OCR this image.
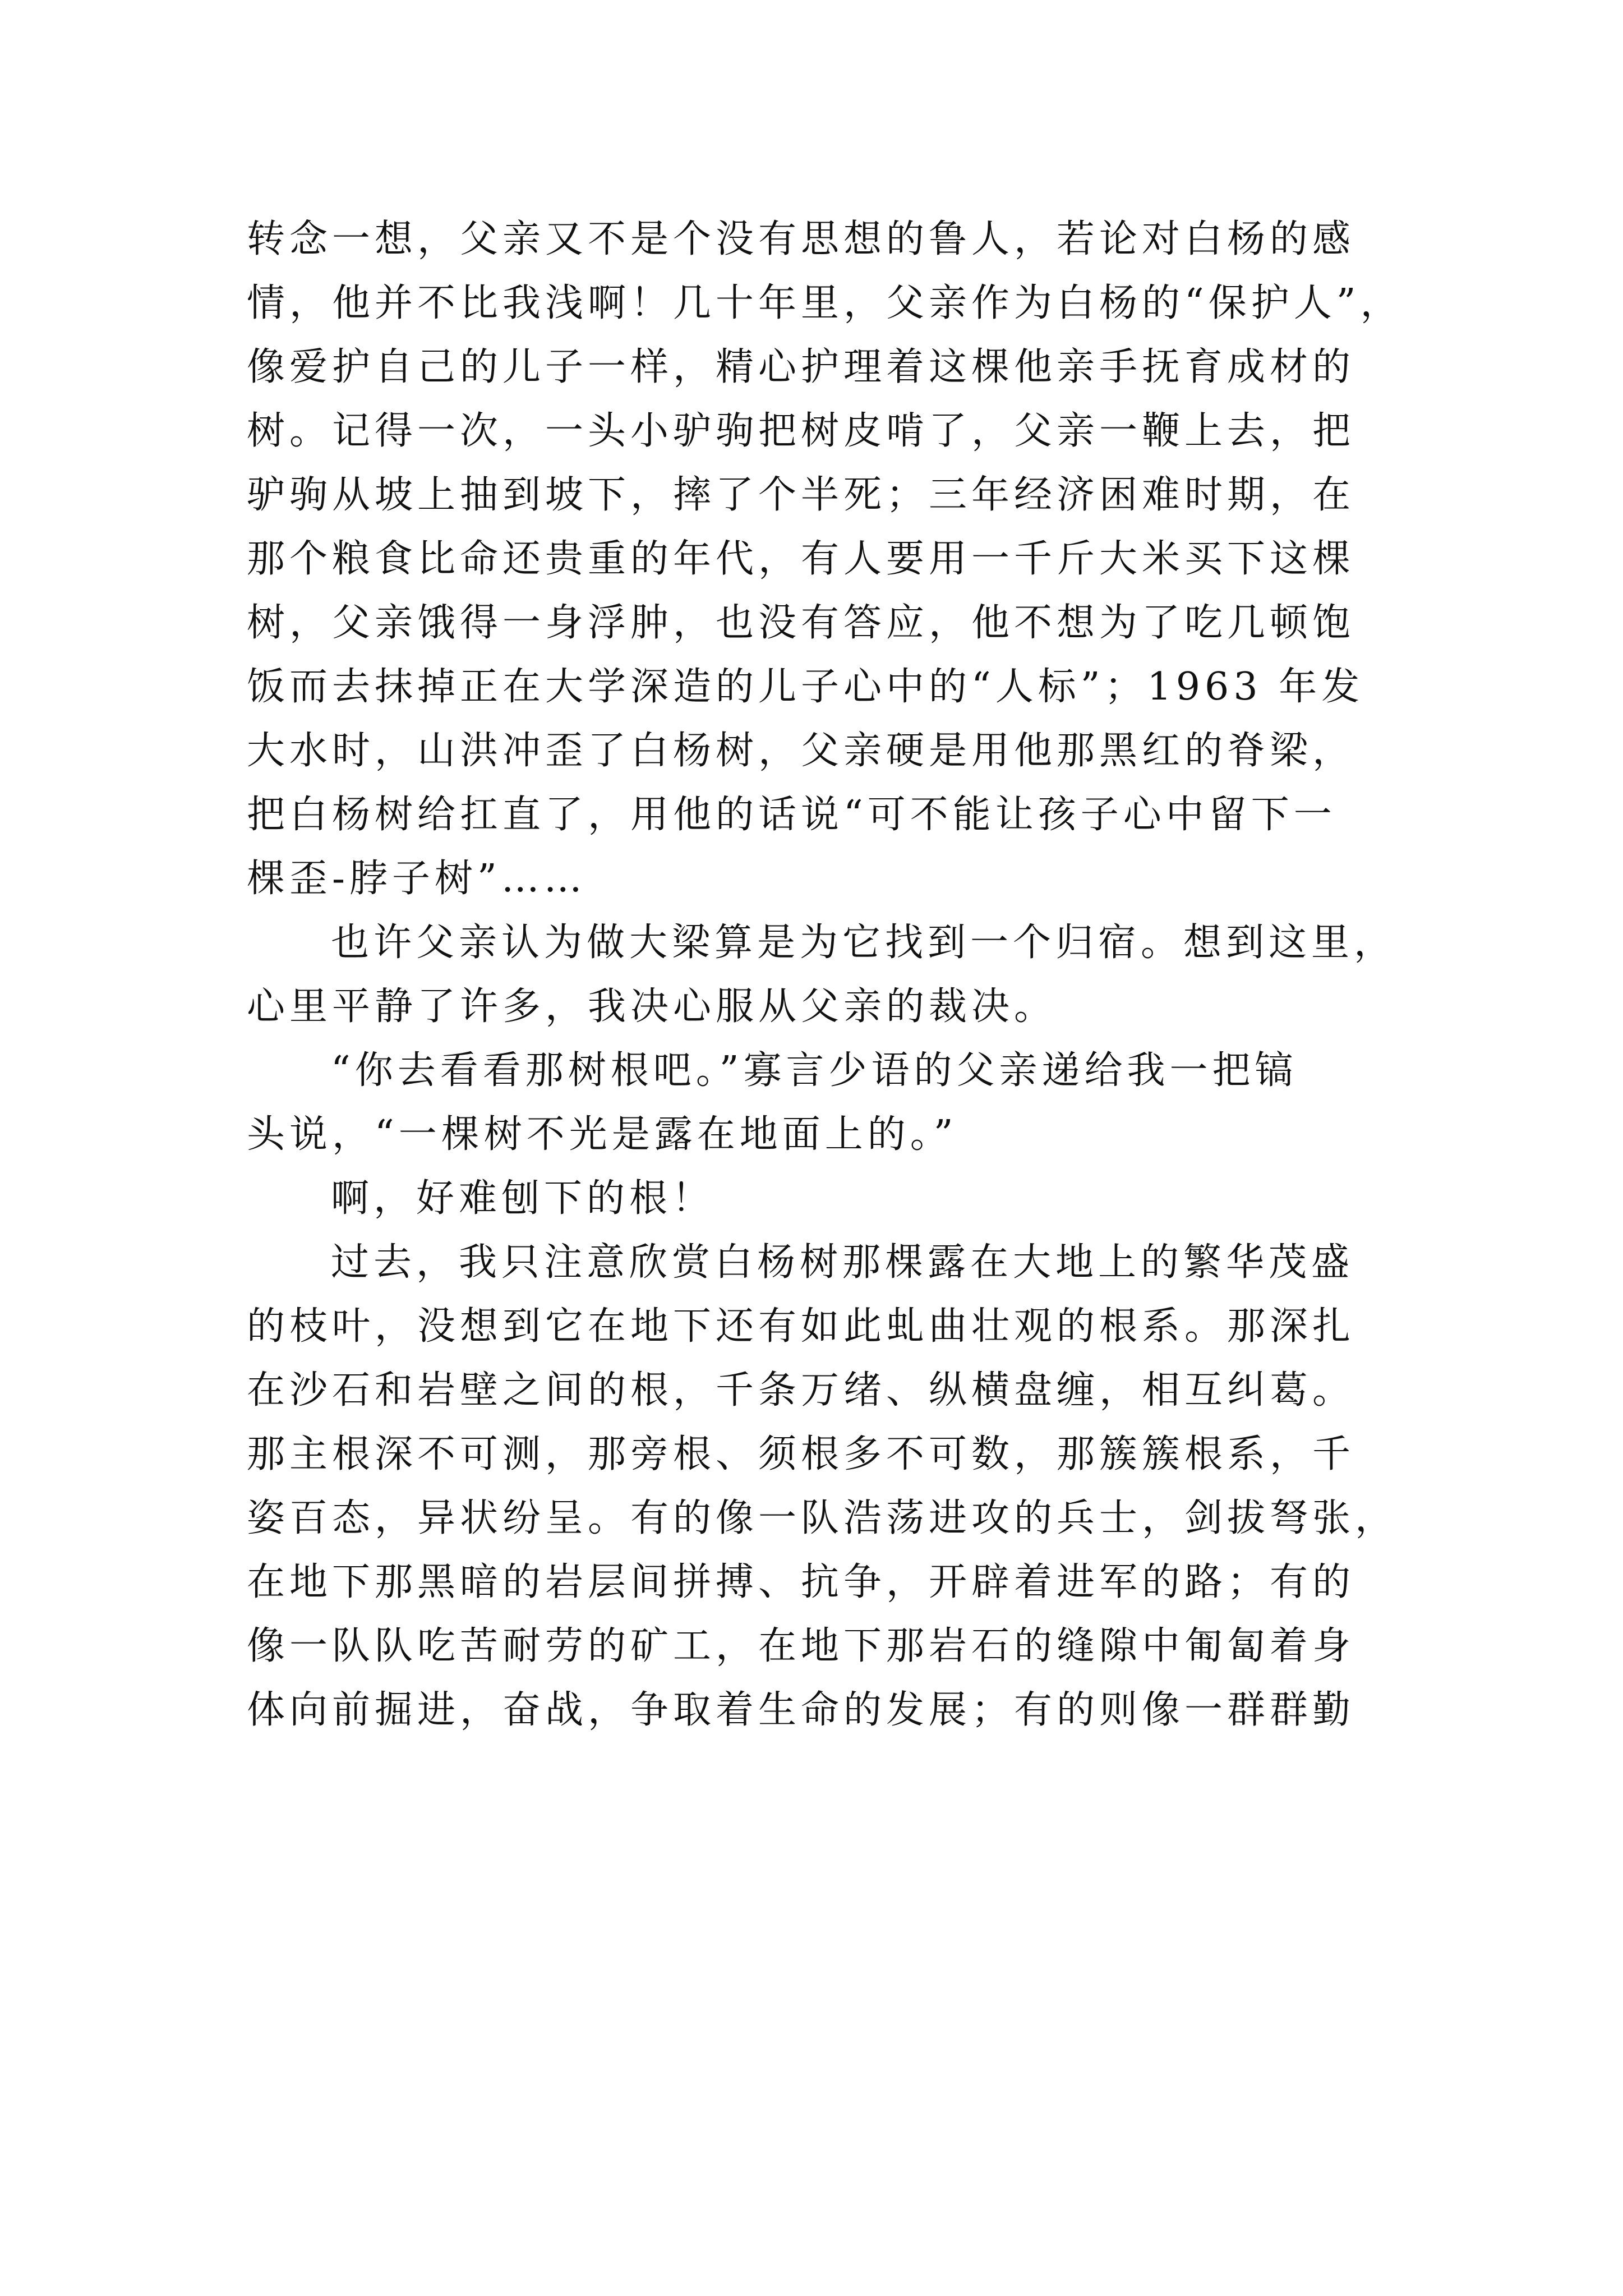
转念一想，父亲又不是个没有思想的鲁人，若论对白杨的感
情，他并不比我浅啊！几十年里，父亲作为白杨的“保护人”，
像爱护自己的儿子一样，精心护理着这棵他亲手抚育成材的
树。记得一次，一头小驴驹把树皮啃了，父亲一鞭上去，把
驴驹从坡上抽到坡下，摔了个半死；三年经济困难时期，在
那个粮食比命还贵重的年代，有人要用一千斤大米买下这棵
树，父亲饿得一身浮肿，也没有答应，他不想为了吃几顿饱
饭而去抹掉正在大学深造的儿子心中的“人标”；1963 年发
大水时，山洪冲歪了白杨树，父亲硬是用他那黑红的脊梁，
把白杨树给扛直了，用他的话说“可不能让孩子心中留下一
棵歪-脖子树”……
也许父亲认为做大梁算是为它找到一个归宿。想到这里，
心里平静了许多，我决心服从父亲的裁决。
“你去看看那树根吧。”寡言少语的父亲递给我一把镐
头说，“一棵树不光是露在地面上的。”
啊，好难刨下的根！
过去，我只注意欣赏白杨树那棵露在大地上的繁华茂盛
的枝叶，没想到它在地下还有如此虬曲壮观的根系。那深扎
在沙石和岩壁之间的根，千条万绪、纵横盘缠，相互纠葛。
那主根深不可测，那旁根、须根多不可数，那簇簇根系，千
姿百态，异状纷呈。有的像一队浩荡进攻的兵士，剑拔弩张，
在地下那黑暗的岩层间拼搏、抗争，开辟着进军的路；有的
像一队队吃苦耐劳的矿工，在地下那岩石的缝隙中匍匐着身
体向前掘进，奋战，争取着生命的发展；有的则像一群群勤
